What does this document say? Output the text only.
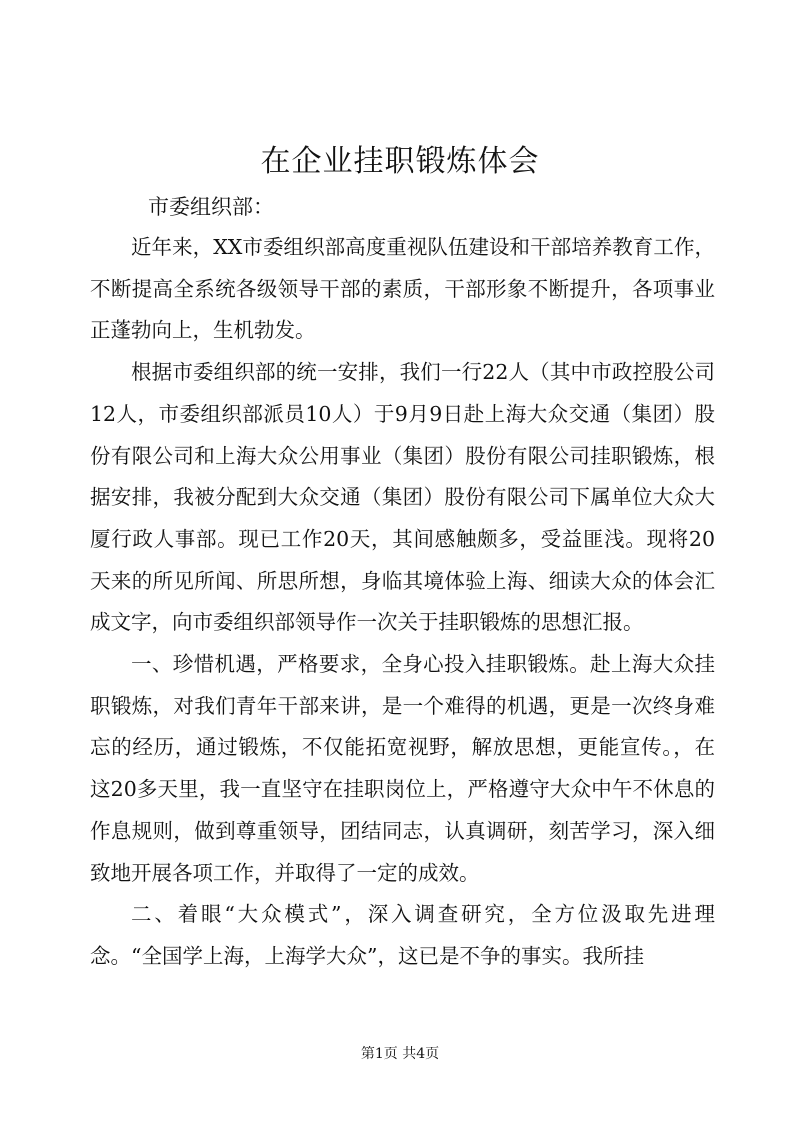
在企业挂职锻炼体会

市委组织部：

近年来，XX市委组织部高度重视队伍建设和干部培养教育工作，不断提高全系统各级领导干部的素质，干部形象不断提升，各项事业正蓬勃向上，生机勃发。

根据市委组织部的统一安排，我们一行22人（其中市政控股公司12人，市委组织部派员10人）于9月9日赴上海大众交通（集团）股份有限公司和上海大众公用事业（集团）股份有限公司挂职锻炼，根据安排，我被分配到大众交通（集团）股份有限公司下属单位大众大厦行政人事部。现已工作20天，其间感触颇多，受益匪浅。现将20天来的所见所闻、所思所想，身临其境体验上海、细读大众的体会汇成文字，向市委组织部领导作一次关于挂职锻炼的思想汇报。

一、珍惜机遇，严格要求，全身心投入挂职锻炼。赴上海大众挂职锻炼，对我们青年干部来讲，是一个难得的机遇，更是一次终身难忘的经历，通过锻炼，不仅能拓宽视野，解放思想，更能宣传。，在这20多天里，我一直坚守在挂职岗位上，严格遵守大众中午不休息的作息规则，做到尊重领导，团结同志，认真调研，刻苦学习，深入细致地开展各项工作，并取得了一定的成效。

二、着眼“大众模式”，深入调查研究，全方位汲取先进理念。“全国学上海，上海学大众”，这已是不争的事实。我所挂

第1页 共4页
